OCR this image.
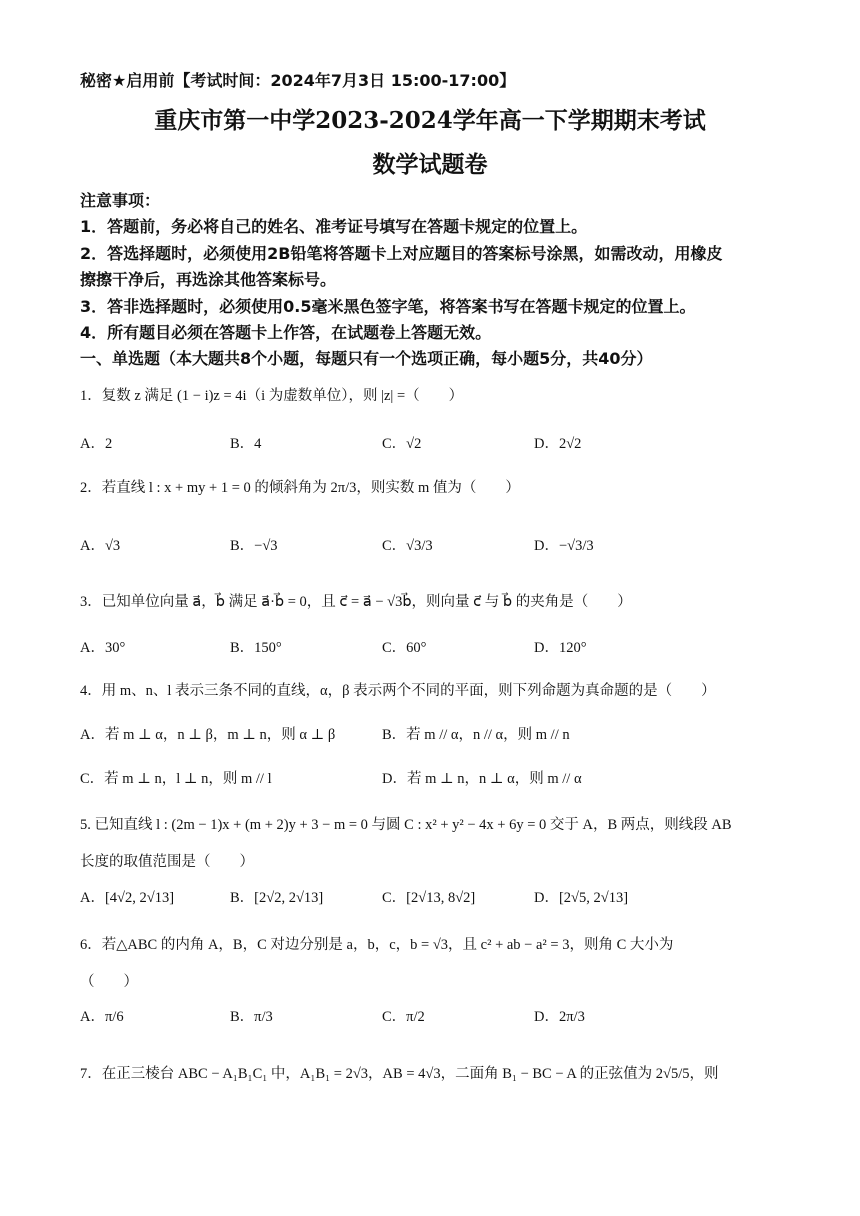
秘密★启用前【考试时间：2024年7月3日 15:00-17:00】
重庆市第一中学2023-2024学年高一下学期期末考试
数学试题卷
注意事项：
1．答题前，务必将自己的姓名、准考证号填写在答题卡规定的位置上。
2．答选择题时，必须使用2B铅笔将答题卡上对应题目的答案标号涂黑，如需改动，用橡皮
擦擦干净后，再选涂其他答案标号。
3．答非选择题时，必须使用0.5毫米黑色签字笔，将答案书写在答题卡规定的位置上。
4．所有题目必须在答题卡上作答，在试题卷上答题无效。
一、单选题（本大题共8个小题，每题只有一个选项正确，每小题5分，共40分）
1．复数 z 满足 (1 − i)z = 4i（i 为虚数单位），则 |z| =（　　）
A．2	B．4	C．√2	D．2√2
2．若直线 l : x + my + 1 = 0 的倾斜角为 2π/3，则实数 m 值为（　　）
A．√3	B．−√3	C．√3/3	D．−√3/3
3．已知单位向量 a⃗，b⃗ 满足 a⃗·b⃗ = 0，且 c⃗ = a⃗ − √3b⃗，则向量 c⃗ 与 b⃗ 的夹角是（　　）
A．30°	B．150°	C．60°	D．120°
4．用 m、n、l 表示三条不同的直线，α，β 表示两个不同的平面，则下列命题为真命题的是（　　）
A．若 m ⊥ α，n ⊥ β，m ⊥ n，则 α ⊥ β	B．若 m // α，n // α，则 m // n
C．若 m ⊥ n，l ⊥ n，则 m // l	D．若 m ⊥ n，n ⊥ α，则 m // α
5. 已知直线 l : (2m − 1)x + (m + 2)y + 3 − m = 0 与圆 C : x² + y² − 4x + 6y = 0 交于 A，B 两点，则线段 AB
长度的取值范围是（　　）
A．[4√2, 2√13]	B．[2√2, 2√13]	C．[2√13, 8√2]	D．[2√5, 2√13]
6．若△ABC 的内角 A，B，C 对边分别是 a，b，c，b = √3，且 c² + ab − a² = 3，则角 C 大小为
（　　）
A．π/6	B．π/3	C．π/2	D．2π/3
7．在正三棱台 ABC − A₁B₁C₁ 中，A₁B₁ = 2√3，AB = 4√3，二面角 B₁ − BC − A 的正弦值为 2√5/5，则
